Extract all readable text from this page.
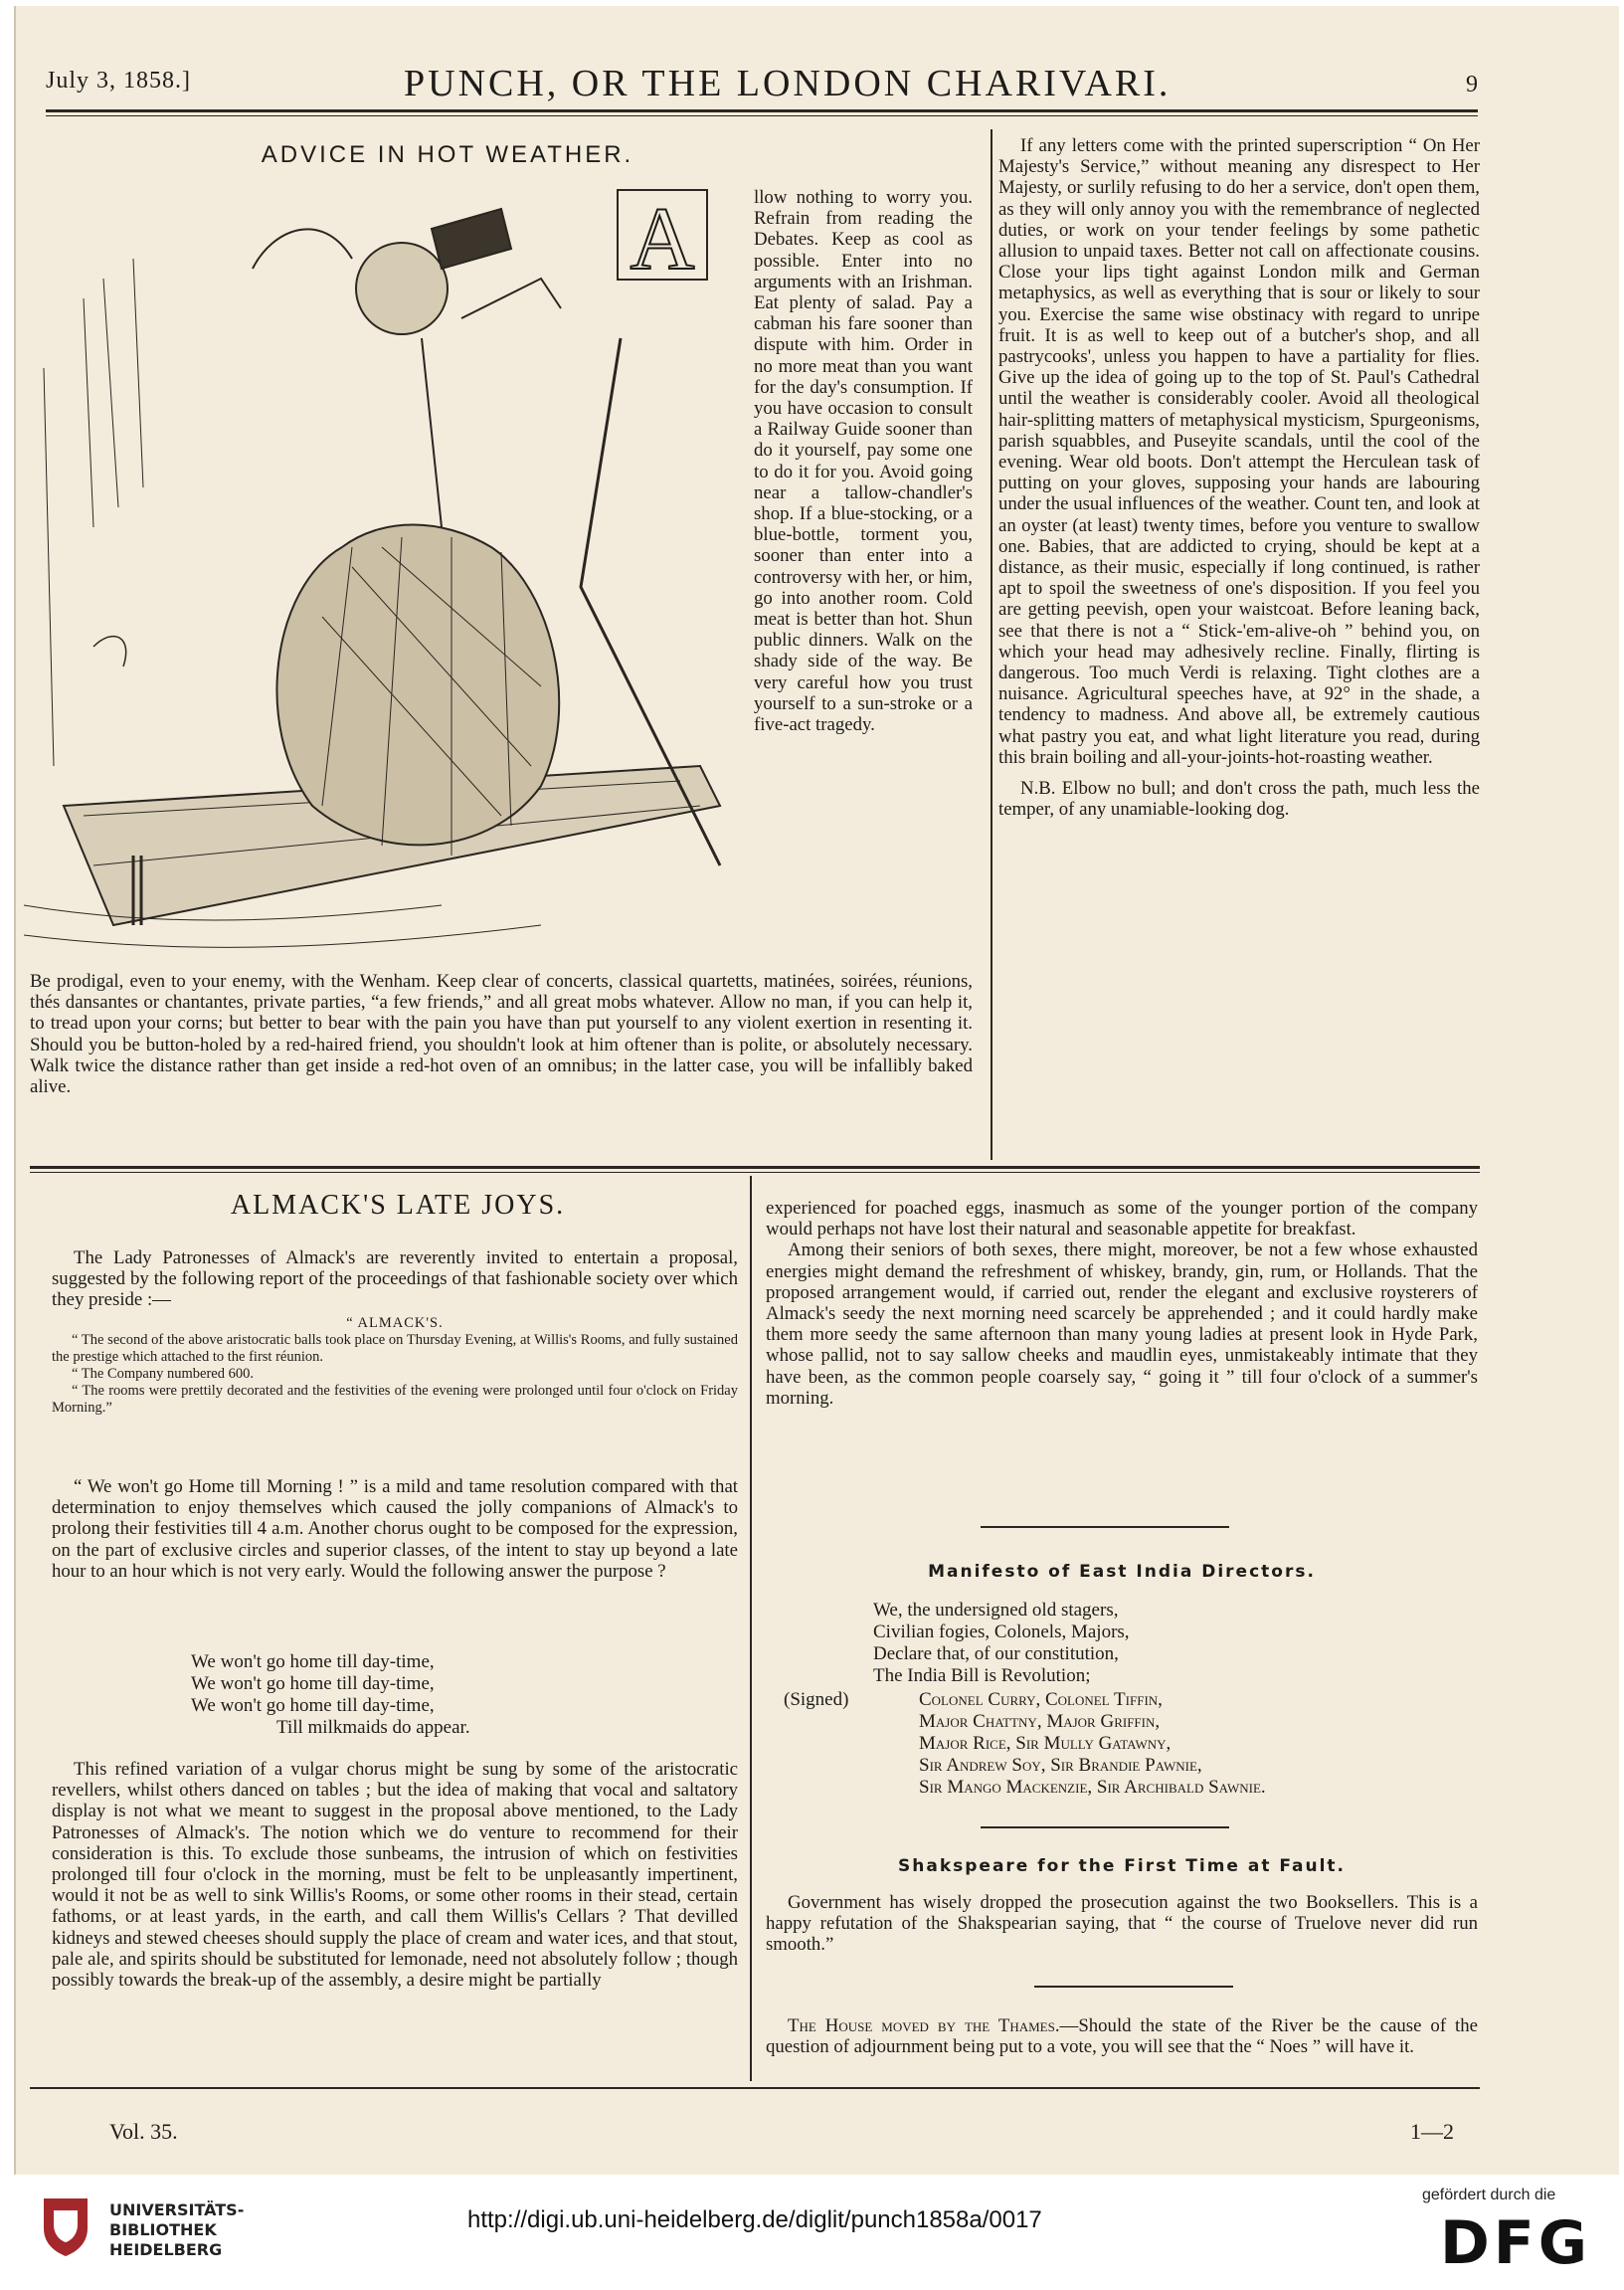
July 3, 1858.]	PUNCH, OR THE LONDON CHARIVARI.	9
ADVICE IN HOT WEATHER.
A	llow nothing to worry you. Refrain from reading the Debates. Keep as cool as possible. Enter into no arguments with an Irishman. Eat plenty of salad. Pay a cabman his fare sooner than dispute with him. Order in no more meat than you want for the day's consumption. If you have occasion to consult a Railway Guide sooner than do it yourself, pay some one to do it for you. Avoid going near a tallow-chandler's shop. If a blue-stocking, or a blue-bottle, torment you, sooner than enter into a controversy with her, or him, go into another room. Cold meat is better than hot. Shun public dinners. Walk on the shady side of the way. Be very careful how you trust yourself to a sun-stroke or a five-act tragedy.

Be prodigal, even to your enemy, with the Wenham. Keep clear of concerts, classical quartetts, matinées, soirées, réunions, thés dansantes or chantantes, private parties, “a few friends,” and all great mobs whatever. Allow no man, if you can help it, to tread upon your corns; but better to bear with the pain you have than put yourself to any violent exertion in resenting it. Should you be button-holed by a red-haired friend, you shouldn't look at him oftener than is polite, or absolutely necessary. Walk twice the distance rather than get inside a red-hot oven of an omnibus; in the latter case, you will be infallibly baked alive.

If any letters come with the printed superscription “ On Her Majesty's Service,” without meaning any disrespect to Her Majesty, or surlily refusing to do her a service, don't open them, as they will only annoy you with the remembrance of neglected duties, or work on your tender feelings by some pathetic allusion to unpaid taxes. Better not call on affectionate cousins. Close your lips tight against London milk and German metaphysics, as well as everything that is sour or likely to sour you. Exercise the same wise obstinacy with regard to unripe fruit. It is as well to keep out of a butcher's shop, and all pastrycooks', unless you happen to have a partiality for flies. Give up the idea of going up to the top of St. Paul's Cathedral until the weather is considerably cooler. Avoid all theological hair-splitting matters of metaphysical mysticism, Spurgeonisms, parish squabbles, and Puseyite scandals, until the cool of the evening. Wear old boots. Don't attempt the Herculean task of putting on your gloves, supposing your hands are labouring under the usual influences of the weather. Count ten, and look at an oyster (at least) twenty times, before you venture to swallow one. Babies, that are addicted to crying, should be kept at a distance, as their music, especially if long continued, is rather apt to spoil the sweetness of one's disposition. If you feel you are getting peevish, open your waistcoat. Before leaning back, see that there is not a “ Stick-'em-alive-oh ” behind you, on which your head may adhesively recline. Finally, flirting is dangerous. Too much Verdi is relaxing. Tight clothes are a nuisance. Agricultural speeches have, at 92° in the shade, a tendency to madness. And above all, be extremely cautious what pastry you eat, and what light literature you read, during this brain boiling and all-your-joints-hot-roasting weather.

N.B. Elbow no bull; and don't cross the path, much less the temper, of any unamiable-looking dog.

ALMACK'S LATE JOYS.

The Lady Patronesses of Almack's are reverently invited to entertain a proposal, suggested by the following report of the proceedings of that fashionable society over which they preside :—

“ ALMACK'S.

“ The second of the above aristocratic balls took place on Thursday Evening, at Willis's Rooms, and fully sustained the prestige which attached to the first réunion.

“ The Company numbered 600.

“ The rooms were prettily decorated and the festivities of the evening were prolonged until four o'clock on Friday Morning.”

“ We won't go Home till Morning ! ” is a mild and tame resolution compared with that determination to enjoy themselves which caused the jolly companions of Almack's to prolong their festivities till 4 a.m. Another chorus ought to be composed for the expression, on the part of exclusive circles and superior classes, of the intent to stay up beyond a late hour to an hour which is not very early. Would the following answer the purpose ?

We won't go home till day-time,
We won't go home till day-time,
We won't go home till day-time,
Till milkmaids do appear.

This refined variation of a vulgar chorus might be sung by some of the aristocratic revellers, whilst others danced on tables ; but the idea of making that vocal and saltatory display is not what we meant to suggest in the proposal above mentioned, to the Lady Patronesses of Almack's. The notion which we do venture to recommend for their consideration is this. To exclude those sunbeams, the intrusion of which on festivities prolonged till four o'clock in the morning, must be felt to be unpleasantly impertinent, would it not be as well to sink Willis's Rooms, or some other rooms in their stead, certain fathoms, or at least yards, in the earth, and call them Willis's Cellars ? That devilled kidneys and stewed cheeses should supply the place of cream and water ices, and that stout, pale ale, and spirits should be substituted for lemonade, need not absolutely follow ; though possibly towards the break-up of the assembly, a desire might be partially

experienced for poached eggs, inasmuch as some of the younger portion of the company would perhaps not have lost their natural and seasonable appetite for breakfast.

Among their seniors of both sexes, there might, moreover, be not a few whose exhausted energies might demand the refreshment of whiskey, brandy, gin, rum, or Hollands. That the proposed arrangement would, if carried out, render the elegant and exclusive roysterers of Almack's seedy the next morning need scarcely be apprehended ; and it could hardly make them more seedy the same afternoon than many young ladies at present look in Hyde Park, whose pallid, not to say sallow cheeks and maudlin eyes, unmistakeably intimate that they have been, as the common people coarsely say, “ going it ” till four o'clock of a summer's morning.

Manifesto of East India Directors.
We, the undersigned old stagers,
Civilian fogies, Colonels, Majors,
Declare that, of our constitution,
The India Bill is Revolution;
(Signed)	Colonel Curry, Colonel Tiffin,
Major Chattny, Major Griffin,
Major Rice, Sir Mully Gatawny,
Sir Andrew Soy, Sir Brandie Pawnie,
Sir Mango Mackenzie, Sir Archibald Sawnie.
Shakspeare for the First Time at Fault.

Government has wisely dropped the prosecution against the two Booksellers. This is a happy refutation of the Shakspearian saying, that “ the course of Truelove never did run smooth.”

The House moved by the Thames.—Should the state of the River be the cause of the question of adjournment being put to a vote, you will see that the “ Noes ” will have it.

Vol. 35.	1—2
UNIVERSITÄTS-
BIBLIOTHEK
HEIDELBERG
http://digi.ub.uni-heidelberg.de/diglit/punch1858a/0017
gefördert durch die
DFG
